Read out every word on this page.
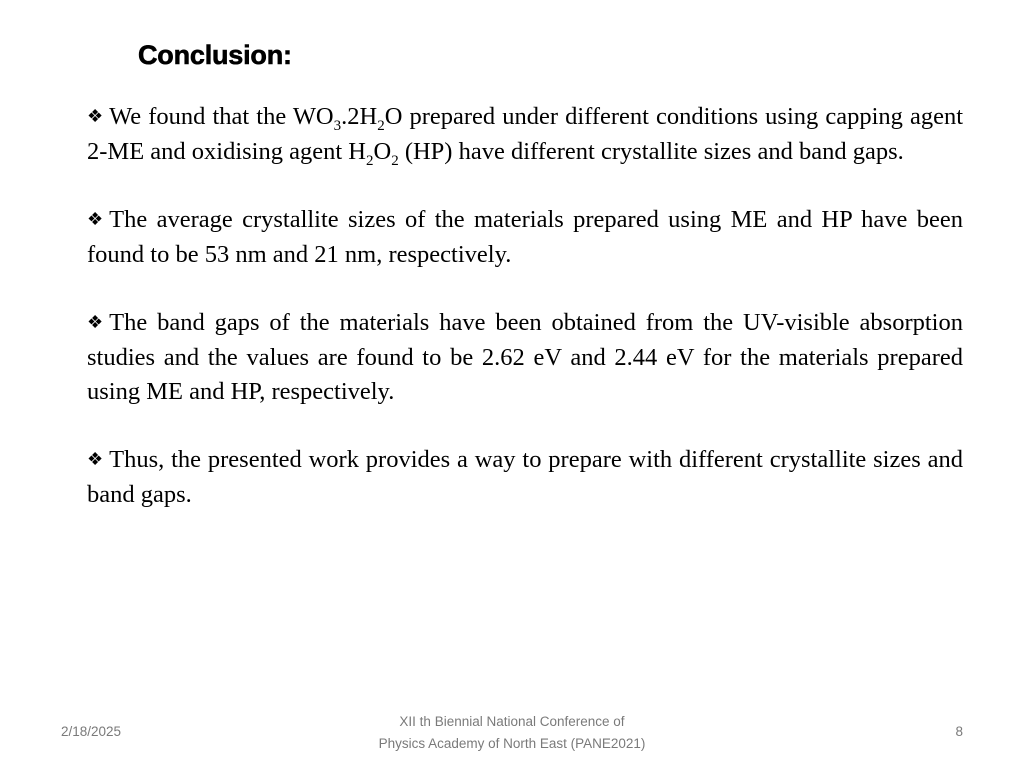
Conclusion:

❖ We found that the $WO_3.2H_2O$ prepared under different conditions using capping agent 2-ME and oxidising agent $H_2O_2$ (HP) have different crystallite sizes and band gaps.

❖ The average crystallite sizes of the materials prepared using ME and HP have been found to be 53 nm and 21 nm, respectively.

❖ The band gaps of the materials have been obtained from the UV-visible absorption studies and the values are found to be 2.62 eV and 2.44 eV for the materials prepared using ME and HP, respectively.

❖ Thus, the presented work provides a way to prepare with different crystallite sizes and band gaps.

2/18/2025
XII th Biennial National Conference of
Physics Academy of North East (PANE2021)
8
